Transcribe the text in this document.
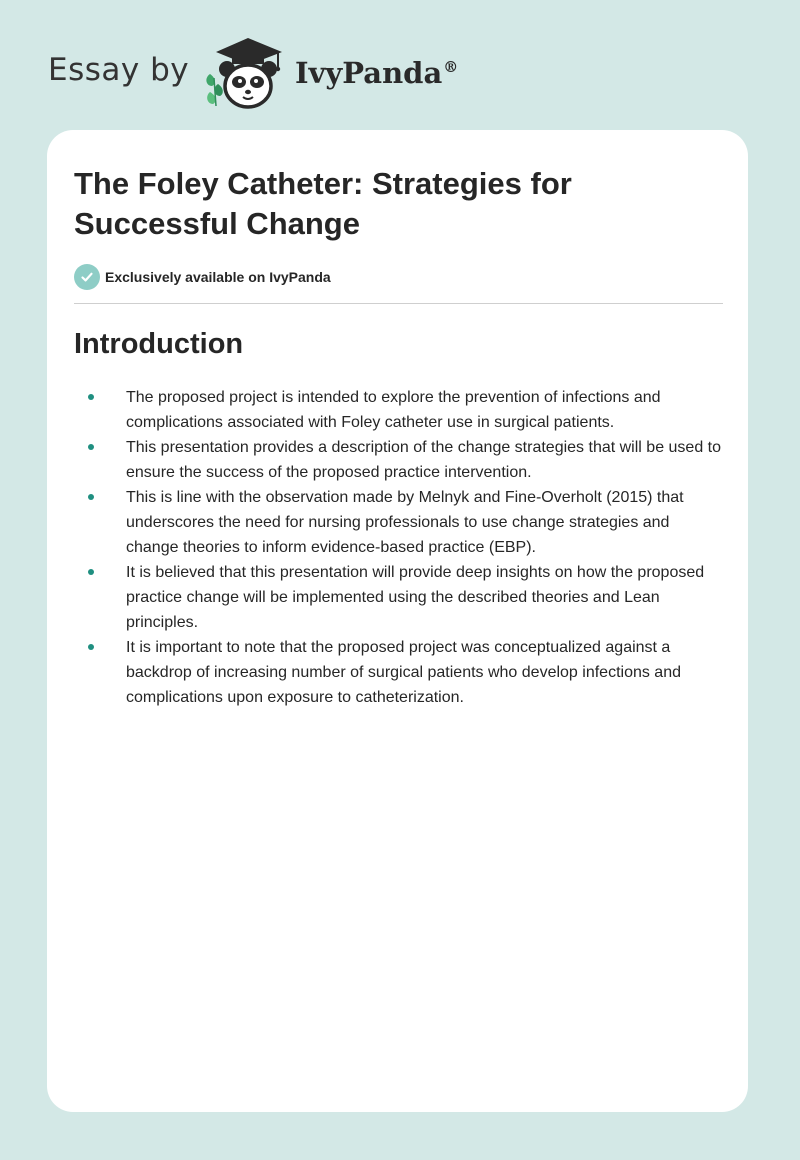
Essay by	IvyPanda®
The Foley Catheter: Strategies for Successful Change
Exclusively available on IvyPanda
Introduction
The proposed project is intended to explore the prevention of infections and complications associated with Foley catheter use in surgical patients.
This presentation provides a description of the change strategies that will be used to ensure the success of the proposed practice intervention.
This is line with the observation made by Melnyk and Fine-Overholt (2015) that underscores the need for nursing professionals to use change strategies and change theories to inform evidence-based practice (EBP).
It is believed that this presentation will provide deep insights on how the proposed practice change will be implemented using the described theories and Lean principles.
It is important to note that the proposed project was conceptualized against a backdrop of increasing number of surgical patients who develop infections and complications upon exposure to catheterization.
